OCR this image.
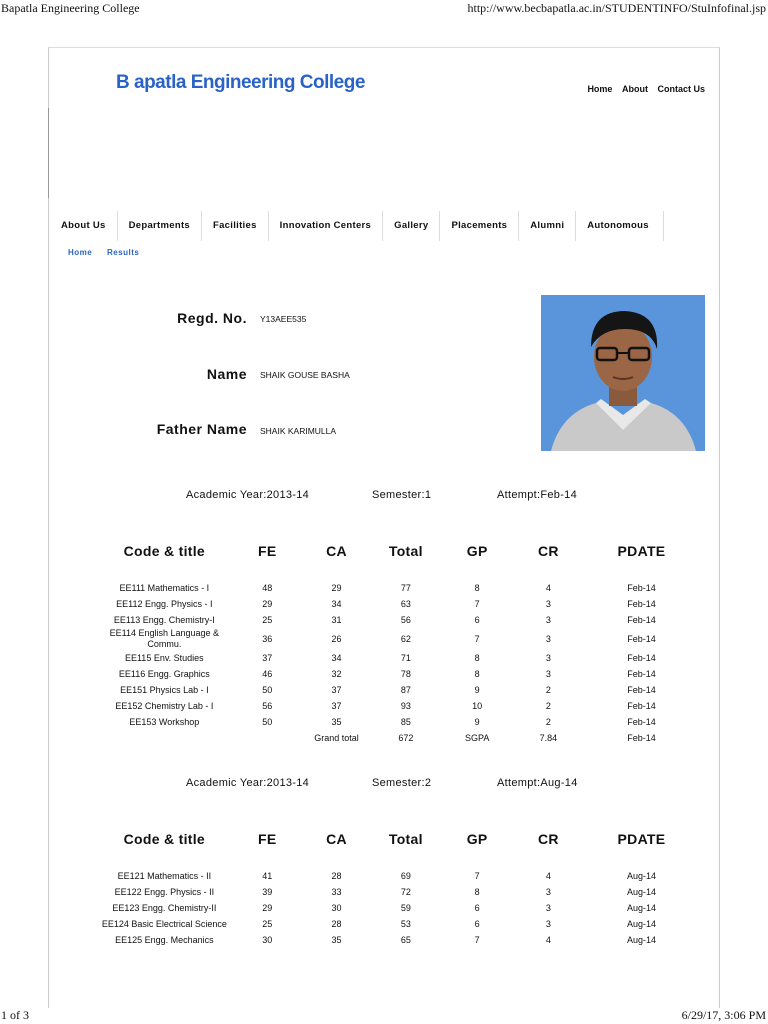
Bapatla Engineering College	http://www.becbapatla.ac.in/STUDENTINFO/StuInfofinal.jsp
B apatla Engineering College	Home About Contact Us
About Us	Departments	Facilities	Innovation Centers	Gallery	Placements	Alumni	Autonomous
Home Results
Regd. No. Y13AEE535
Name SHAIK GOUSE BASHA
Father Name SHAIK KARIMULLA
Academic Year:2013-14	Semester:1	Attempt:Feb-14
Code & title	FE	CA	Total	GP	CR	PDATE

EE111 Mathematics - I	48	29	77	8	4	Feb-14
EE112 Engg. Physics - I	29	34	63	7	3	Feb-14
EE113 Engg. Chemistry-I	25	31	56	6	3	Feb-14
EE114 English Language & Commu.	36	26	62	7	3	Feb-14
EE115 Env. Studies	37	34	71	8	3	Feb-14
EE116 Engg. Graphics	46	32	78	8	3	Feb-14
EE151 Physics Lab - I	50	37	87	9	2	Feb-14
EE152 Chemistry Lab - I	56	37	93	10	2	Feb-14
EE153 Workshop	50	35	85	9	2	Feb-14
		Grand total	672	SGPA	7.84	Feb-14
Academic Year:2013-14	Semester:2	Attempt:Aug-14
Code & title	FE	CA	Total	GP	CR	PDATE

EE121 Mathematics - II	41	28	69	7	4	Aug-14
EE122 Engg. Physics - II	39	33	72	8	3	Aug-14
EE123 Engg. Chemistry-II	29	30	59	6	3	Aug-14
EE124 Basic Electrical Science	25	28	53	6	3	Aug-14
EE125 Engg. Mechanics	30	35	65	7	4	Aug-14
1 of 3	6/29/17, 3:06 PM
